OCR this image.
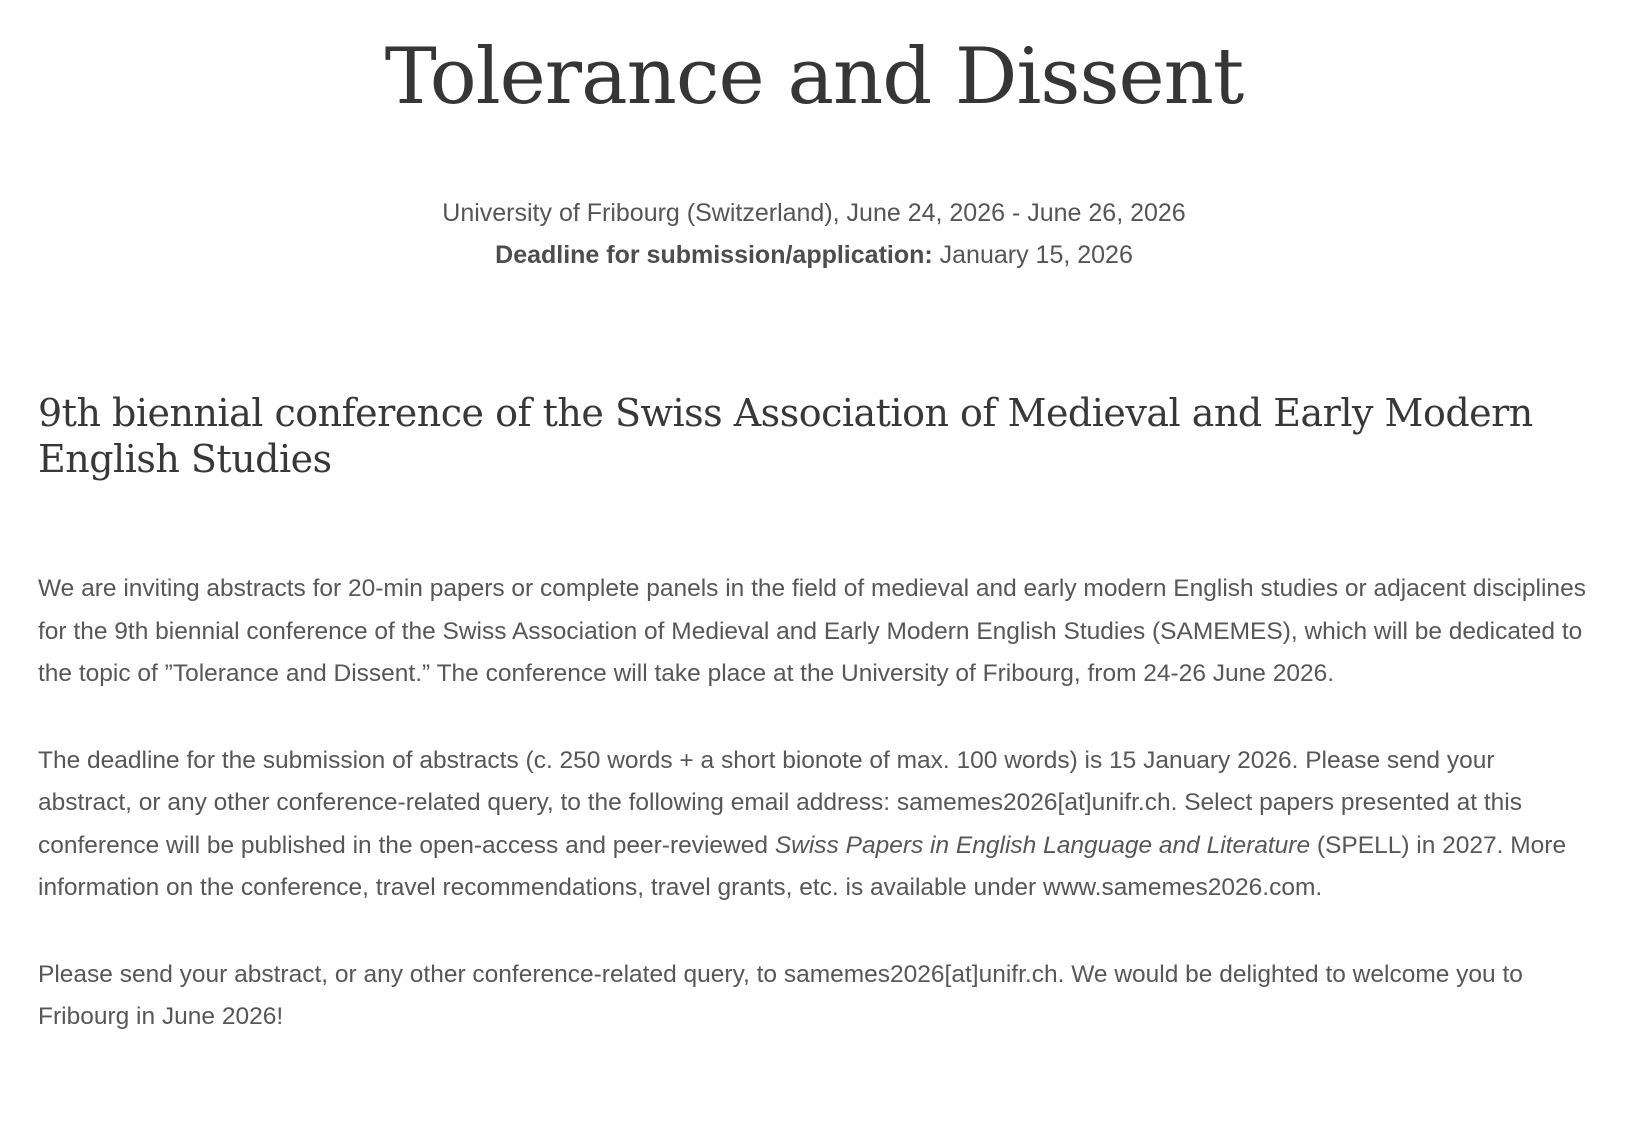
Tolerance and Dissent
University of Fribourg (Switzerland), June 24, 2026 - June 26, 2026
Deadline for submission/application: January 15, 2026
9th biennial conference of the Swiss Association of Medieval and Early Modern English Studies

We are inviting abstracts for 20-min papers or complete panels in the field of medieval and early modern English studies or adjacent disciplines for the 9th biennial conference of the Swiss Association of Medieval and Early Modern English Studies (SAMEMES), which will be dedicated to the topic of ”Tolerance and Dissent.” The conference will take place at the University of Fribourg, from 24-26 June 2026.

The deadline for the submission of abstracts (c. 250 words + a short bionote of max. 100 words) is 15 January 2026. Please send your abstract, or any other conference-related query, to the following email address: samemes2026[at]unifr.ch. Select papers presented at this conference will be published in the open-access and peer-reviewed Swiss Papers in English Language and Literature (SPELL) in 2027. More information on the conference, travel recommendations, travel grants, etc. is available under www.samemes2026.com.

Please send your abstract, or any other conference-related query, to samemes2026[at]unifr.ch. We would be delighted to welcome you to Fribourg in June 2026!
